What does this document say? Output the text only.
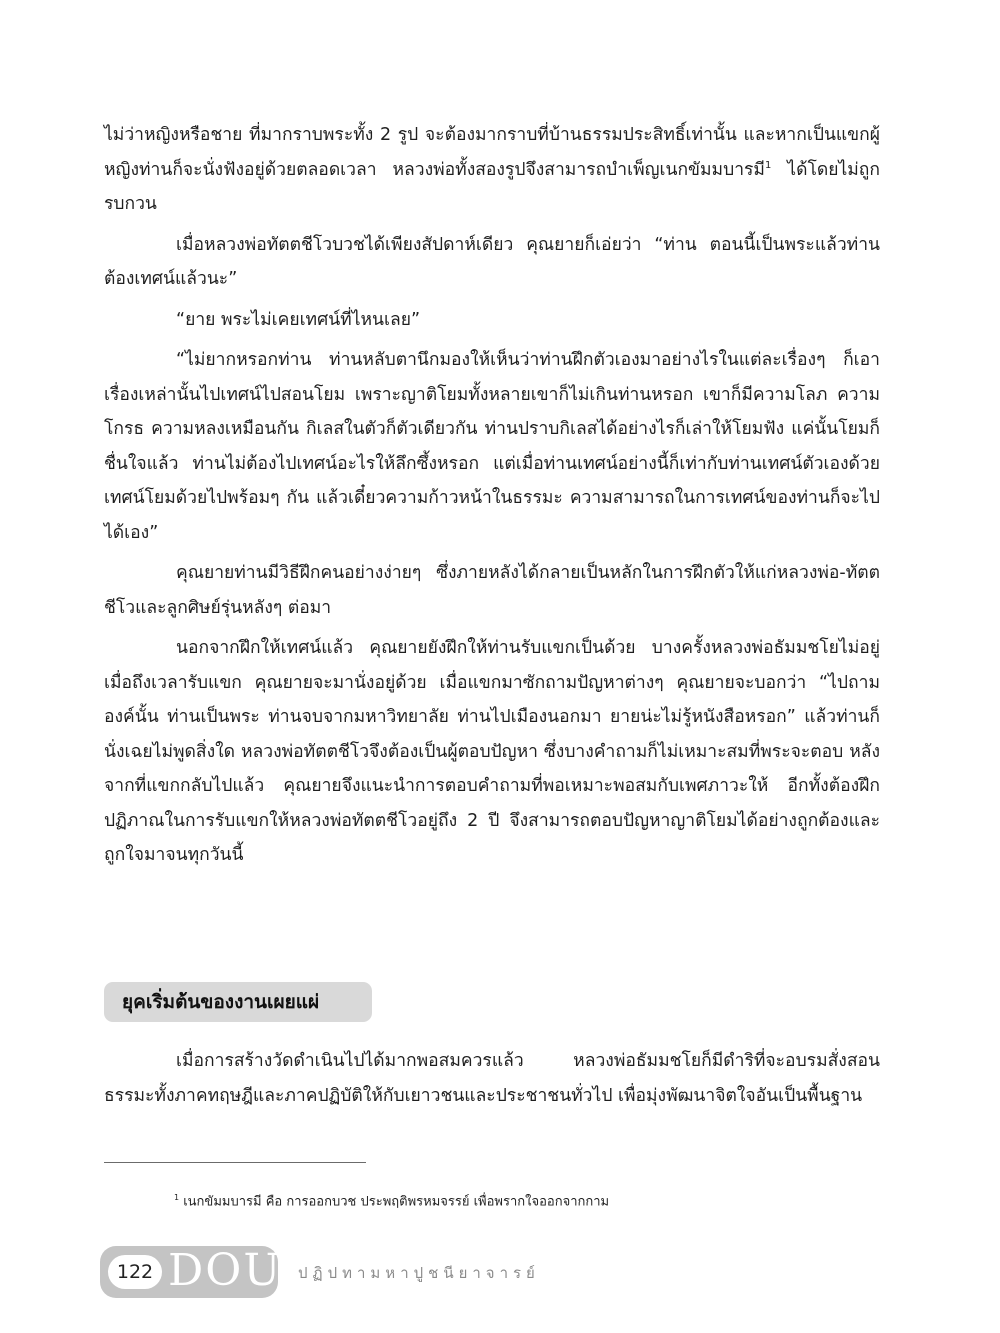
ไม่ว่าหญิงหรือชาย ที่มากราบพระทั้ง 2 รูป จะต้องมากราบที่บ้านธรรมประสิทธิ์เท่านั้น และหากเป็นแขกผู้หญิงท่านก็จะนั่งฟังอยู่ด้วยตลอดเวลา หลวงพ่อทั้งสองรูปจึงสามารถบำเพ็ญเนกขัมมบารมี$^1$ ได้โดยไม่ถูกรบกวน

เมื่อหลวงพ่อทัตตชีโวบวชได้เพียงสัปดาห์เดียว คุณยายก็เอ่ยว่า “ท่าน ตอนนี้เป็นพระแล้วท่านต้องเทศน์แล้วนะ”

“ยาย พระไม่เคยเทศน์ที่ไหนเลย”

“ไม่ยากหรอกท่าน ท่านหลับตานึกมองให้เห็นว่าท่านฝึกตัวเองมาอย่างไรในแต่ละเรื่องๆ ก็เอาเรื่องเหล่านั้นไปเทศน์ไปสอนโยม เพราะญาติโยมทั้งหลายเขาก็ไม่เกินท่านหรอก เขาก็มีความโลภ ความโกรธ ความหลงเหมือนกัน กิเลสในตัวก็ตัวเดียวกัน ท่านปราบกิเลสได้อย่างไรก็เล่าให้โยมฟัง แค่นั้นโยมก็ชื่นใจแล้ว ท่านไม่ต้องไปเทศน์อะไรให้ลึกซึ้งหรอก แต่เมื่อท่านเทศน์อย่างนี้ก็เท่ากับท่านเทศน์ตัวเองด้วย เทศน์โยมด้วยไปพร้อมๆ กัน แล้วเดี๋ยวความก้าวหน้าในธรรมะ ความสามารถในการเทศน์ของท่านก็จะไปได้เอง”

คุณยายท่านมีวิธีฝึกคนอย่างง่ายๆ ซึ่งภายหลังได้กลายเป็นหลักในการฝึกตัวให้แก่หลวงพ่อ-ทัตตชีโวและลูกศิษย์รุ่นหลังๆ ต่อมา

นอกจากฝึกให้เทศน์แล้ว คุณยายยังฝึกให้ท่านรับแขกเป็นด้วย บางครั้งหลวงพ่อธัมมชโยไม่อยู่ เมื่อถึงเวลารับแขก คุณยายจะมานั่งอยู่ด้วย เมื่อแขกมาซักถามปัญหาต่างๆ คุณยายจะบอกว่า “ไปถามองค์นั้น ท่านเป็นพระ ท่านจบจากมหาวิทยาลัย ท่านไปเมืองนอกมา ยายน่ะไม่รู้หนังสือหรอก” แล้วท่านก็นั่งเฉยไม่พูดสิ่งใด หลวงพ่อทัตตชีโวจึงต้องเป็นผู้ตอบปัญหา ซึ่งบางคำถามก็ไม่เหมาะสมที่พระจะตอบ หลังจากที่แขกกลับไปแล้ว คุณยายจึงแนะนำการตอบคำถามที่พอเหมาะพอสมกับเพศภาวะให้ อีกทั้งต้องฝึกปฏิภาณในการรับแขกให้หลวงพ่อทัตตชีโวอยู่ถึง 2 ปี จึงสามารถตอบปัญหาญาติโยมได้อย่างถูกต้องและถูกใจมาจนทุกวันนี้

ยุคเริ่มต้นของงานเผยแผ่

เมื่อการสร้างวัดดำเนินไปได้มากพอสมควรแล้ว หลวงพ่อธัมมชโยก็มีดำริที่จะอบรมสั่งสอนธรรมะทั้งภาคทฤษฎีและภาคปฏิบัติให้กับเยาวชนและประชาชนทั่วไป เพื่อมุ่งพัฒนาจิตใจอันเป็นพื้นฐาน

$^1$ เนกขัมมบารมี คือ การออกบวช ประพฤติพรหมจรรย์ เพื่อพรากใจออกจากกาม
122 DOU ปฏิปทามหาปูชนียาจารย์
